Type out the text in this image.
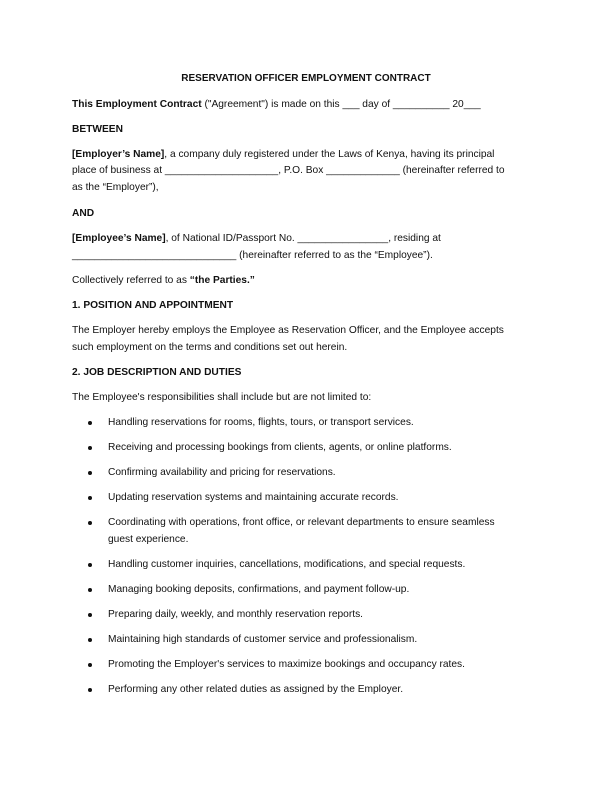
RESERVATION OFFICER EMPLOYMENT CONTRACT
This Employment Contract ("Agreement") is made on this ___ day of __________ 20___
BETWEEN
[Employer’s Name], a company duly registered under the Laws of Kenya, having its principal
place of business at ____________________, P.O. Box _____________ (hereinafter referred to
as the “Employer”),
AND
[Employee’s Name], of National ID/Passport No. ________________, residing at
_____________________________ (hereinafter referred to as the “Employee”).
Collectively referred to as “the Parties.”
1. POSITION AND APPOINTMENT
The Employer hereby employs the Employee as Reservation Officer, and the Employee accepts
such employment on the terms and conditions set out herein.
2. JOB DESCRIPTION AND DUTIES
The Employee's responsibilities shall include but are not limited to:
Handling reservations for rooms, flights, tours, or transport services.
Receiving and processing bookings from clients, agents, or online platforms.
Confirming availability and pricing for reservations.
Updating reservation systems and maintaining accurate records.
Coordinating with operations, front office, or relevant departments to ensure seamless
guest experience.
Handling customer inquiries, cancellations, modifications, and special requests.
Managing booking deposits, confirmations, and payment follow-up.
Preparing daily, weekly, and monthly reservation reports.
Maintaining high standards of customer service and professionalism.
Promoting the Employer's services to maximize bookings and occupancy rates.
Performing any other related duties as assigned by the Employer.
